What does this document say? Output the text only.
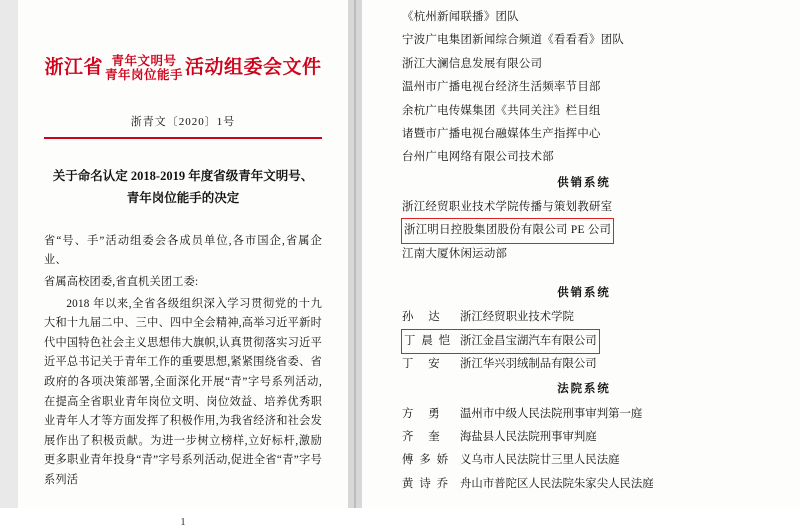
浙江省 青年文明号
青年岗位能手 活动组委会文件
浙青文〔2020〕1号
关于命名认定 2018-2019 年度省级青年文明号、
青年岗位能手的决定

省“号、手”活动组委会各成员单位,各市国企,省属企业、

省属高校团委,省直机关团工委:

2018 年以来,全省各级组织深入学习贯彻党的十九大和十九届二中、三中、四中全会精神,高举习近平新时代中国特色社会主义思想伟大旗帜,认真贯彻落实习近平近平总书记关于青年工作的重要思想,紧紧围绕省委、省政府的各项决策部署,全面深化开展“青”字号系列活动,在提高全省职业青年岗位文明、岗位效益、培养优秀职业青年人才等方面发挥了积极作用,为我省经济和社会发展作出了积极贡献。为进一步树立榜样,立好标杆,激励更多职业青年投身“青”字号系列活动,促进全省“青”字号系列活

1
《杭州新闻联播》团队
宁波广电集团新闻综合频道《看看看》团队
浙江大澜信息发展有限公司
温州市广播电视台经济生活频率节目部
余杭广电传媒集团《共同关注》栏目组
诸暨市广播电视台融媒体生产指挥中心
台州广电网络有限公司技术部
供销系统
浙江经贸职业技术学院传播与策划教研室
浙江明日控股集团股份有限公司 PE 公司
江南大厦休闲运动部
供销系统
孙 达	浙江经贸职业技术学院
丁晨恺 浙江金昌宝湖汽车有限公司
丁 安	浙江华兴羽绒制品有限公司
法院系统
方 勇	温州市中级人民法院刑事审判第一庭
齐 奎	海盐县人民法院刑事审判庭
傅多娇 义乌市人民法院廿三里人民法庭
黄诗乔 舟山市普陀区人民法院朱家尖人民法庭
